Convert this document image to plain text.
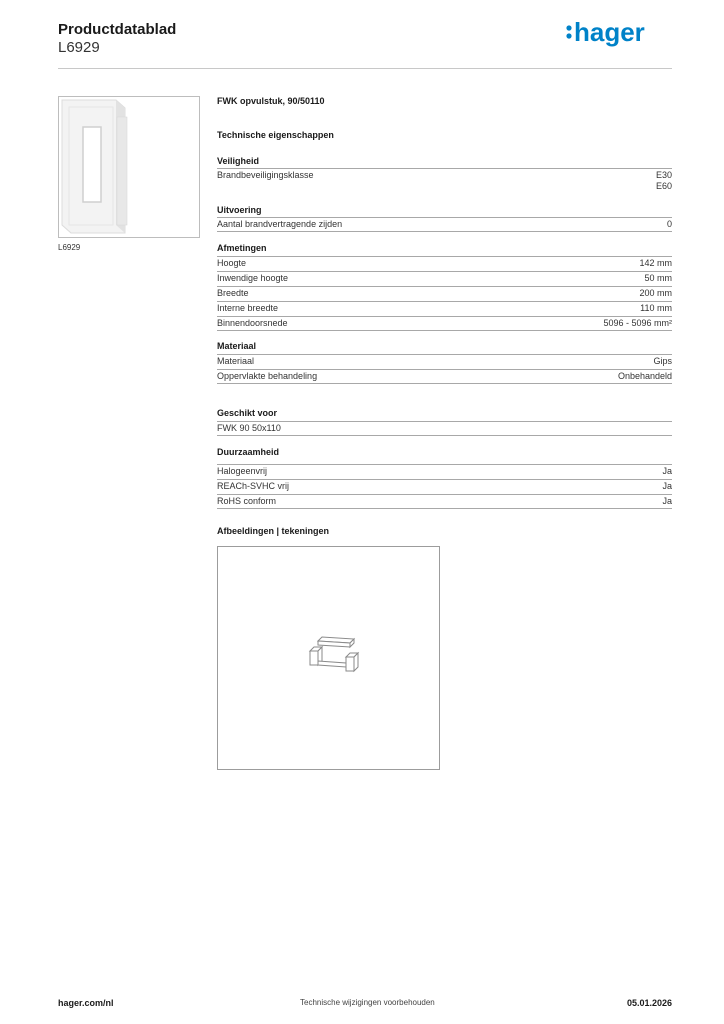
Productdatablad
L6929
hager
L6929
FWK opvulstuk, 90/50110
Technische eigenschappen
Veiligheid
Brandbeveiligingsklasse	E30
E60
Uitvoering
Aantal brandvertragende zijden	0
Afmetingen
Hoogte	142 mm
Inwendige hoogte	50 mm
Breedte	200 mm
Interne breedte	110 mm
Binnendoorsnede	5096 - 5096 mm²
Materiaal
Materiaal	Gips
Oppervlakte behandeling	Onbehandeld
Geschikt voor
FWK 90 50x110
Duurzaamheid
Halogeenvrij	Ja
REACh-SVHC vrij	Ja
RoHS conform	Ja
Afbeeldingen | tekeningen
hager.com/nl	Technische wijzigingen voorbehouden	05.01.2026
